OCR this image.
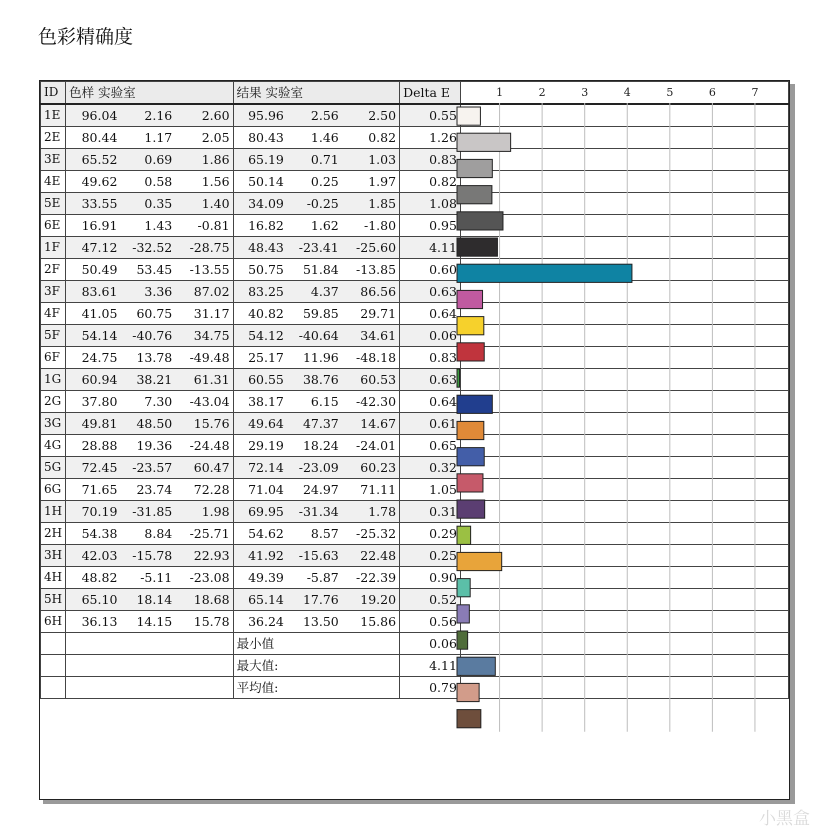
色彩精确度
ID	色样 实验室			结果 实验室			Delta E	
1E	96.04	2.16	2.60	95.96	2.56	2.50	0.55	
2E	80.44	1.17	2.05	80.43	1.46	0.82	1.26	
3E	65.52	0.69	1.86	65.19	0.71	1.03	0.83	
4E	49.62	0.58	1.56	50.14	0.25	1.97	0.82	
5E	33.55	0.35	1.40	34.09	-0.25	1.85	1.08	
6E	16.91	1.43	-0.81	16.82	1.62	-1.80	0.95	
1F	47.12	-32.52	-28.75	48.43	-23.41	-25.60	4.11	
2F	50.49	53.45	-13.55	50.75	51.84	-13.85	0.60	
3F	83.61	3.36	87.02	83.25	4.37	86.56	0.63	
4F	41.05	60.75	31.17	40.82	59.85	29.71	0.64	
5F	54.14	-40.76	34.75	54.12	-40.64	34.61	0.06	
6F	24.75	13.78	-49.48	25.17	11.96	-48.18	0.83	
1G	60.94	38.21	61.31	60.55	38.76	60.53	0.63	
2G	37.80	7.30	-43.04	38.17	6.15	-42.30	0.64	
3G	49.81	48.50	15.76	49.64	47.37	14.67	0.61	
4G	28.88	19.36	-24.48	29.19	18.24	-24.01	0.65	
5G	72.45	-23.57	60.47	72.14	-23.09	60.23	0.32	
6G	71.65	23.74	72.28	71.04	24.97	71.11	1.05	
1H	70.19	-31.85	1.98	69.95	-31.34	1.78	0.31	
2H	54.38	8.84	-25.71	54.62	8.57	-25.32	0.29	
3H	42.03	-15.78	22.93	41.92	-15.63	22.48	0.25	
4H	48.82	-5.11	-23.08	49.39	-5.87	-22.39	0.90	
5H	65.10	18.14	18.68	65.14	17.76	19.20	0.52	
6H	36.13	14.15	15.78	36.24	13.50	15.86	0.56	
				最小值			0.06	
				最大值:			4.11	
				平均值:			0.79	
1	2	3	4	5	6	7
小黑盒
